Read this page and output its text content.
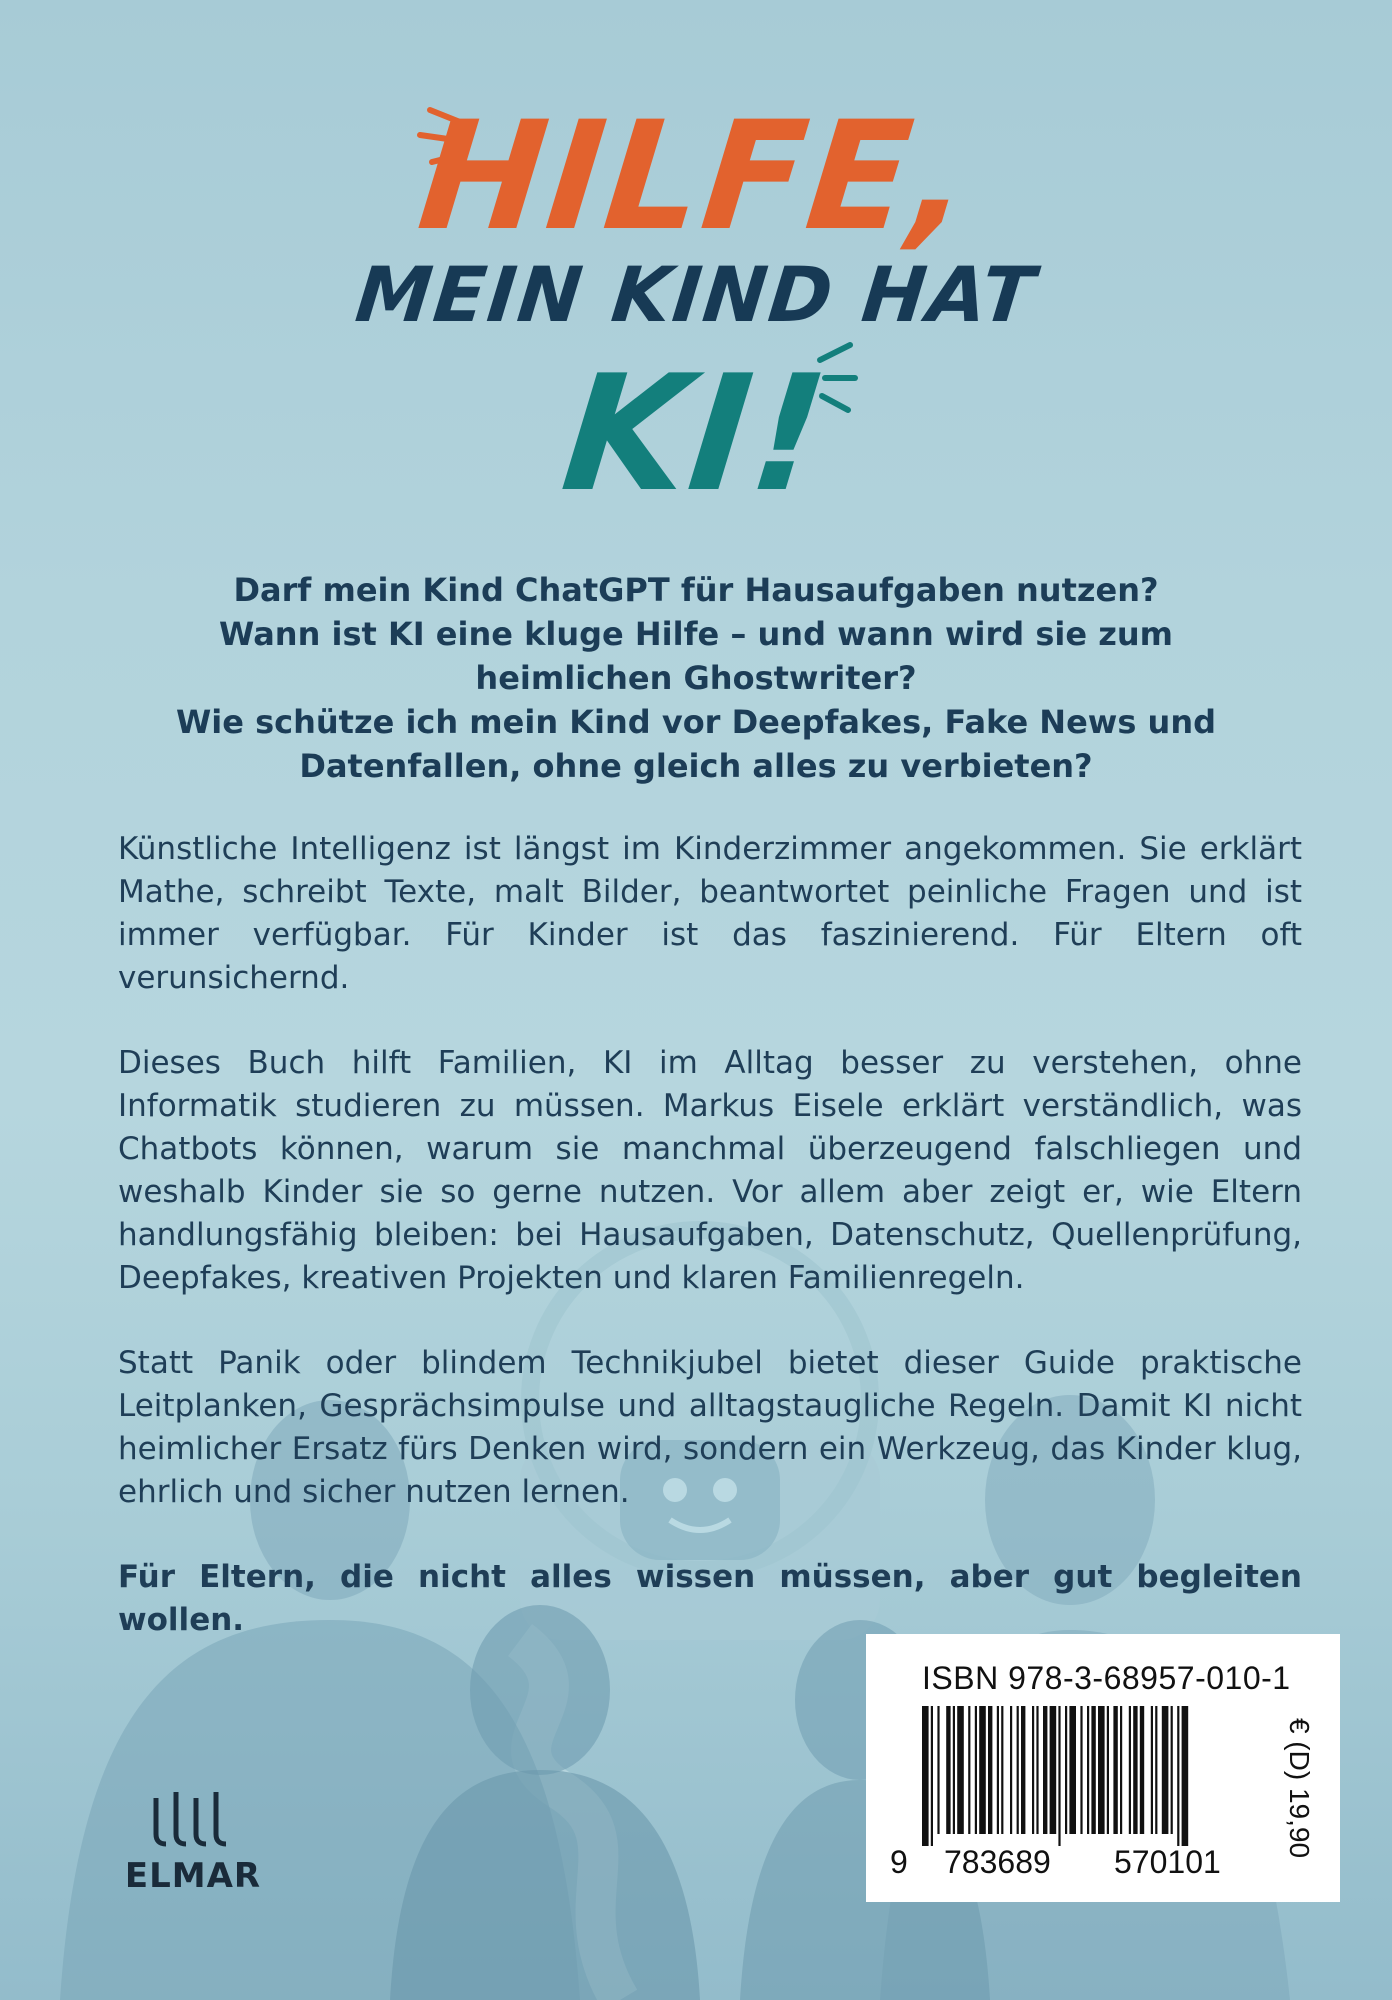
HILFE,
MEIN KIND HAT
KI!

Darf mein Kind ChatGPT für Hausaufgaben nutzen?

Wann ist KI eine kluge Hilfe – und wann wird sie zum heimlichen Ghostwriter?

Wie schütze ich mein Kind vor Deepfakes, Fake News und Datenfallen, ohne gleich alles zu verbieten?

Künstliche Intelligenz ist längst im Kinderzimmer angekommen. Sie erklärt Mathe, schreibt Texte, malt Bilder, beantwortet peinliche Fragen und ist immer verfügbar. Für Kinder ist das faszinierend. Für Eltern oft verunsichernd.

Dieses Buch hilft Familien, KI im Alltag besser zu verstehen, ohne Informatik studieren zu müssen. Markus Eisele erklärt verständlich, was Chatbots können, warum sie manchmal überzeugend falschliegen und weshalb Kinder sie so gerne nutzen. Vor allem aber zeigt er, wie Eltern handlungsfähig bleiben: bei Hausaufgaben, Datenschutz, Quellenprüfung, Deepfakes, kreativen Projekten und klaren Familienregeln.

Statt Panik oder blindem Technikjubel bietet dieser Guide praktische Leitplanken, Gesprächsimpulse und alltagstaugliche Regeln. Damit KI nicht heimlicher Ersatz fürs Denken wird, sondern ein Werkzeug, das Kinder klug, ehrlich und sicher nutzen lernen.

Für Eltern, die nicht alles wissen müssen, aber gut begleiten wollen.

ELMAR
ISBN 978-3-68957-010-1
9 783689 570101
€ (D) 19,90
